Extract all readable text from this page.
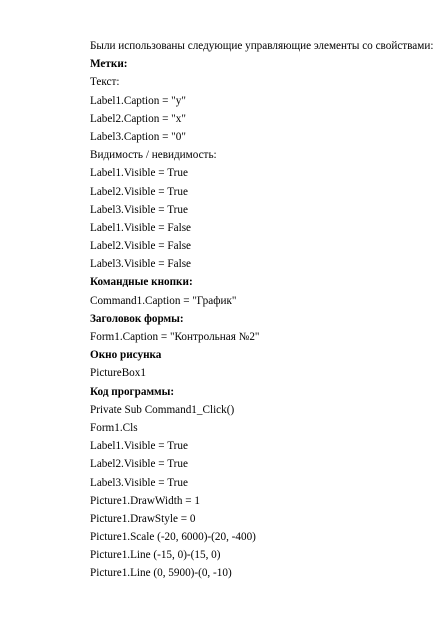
Были использованы следующие управляющие элементы со свойствами:
Метки:
Текст:
Label1.Caption = "y"
Label2.Caption = "x"
Label3.Caption = "0"
Видимость / невидимость:
Label1.Visible = True
Label2.Visible = True
Label3.Visible = True
Label1.Visible = False
Label2.Visible = False
Label3.Visible = False
Командные кнопки:
Command1.Caption = "График"
Заголовок формы:
Form1.Caption = "Контрольная №2"
Окно рисунка
PictureBox1
Код программы:
Private Sub Command1_Click()
Form1.Cls
Label1.Visible = True
Label2.Visible = True
Label3.Visible = True
Picture1.DrawWidth = 1
Picture1.DrawStyle = 0
Picture1.Scale (-20, 6000)-(20, -400)
Picture1.Line (-15, 0)-(15, 0)
Picture1.Line (0, 5900)-(0, -10)
